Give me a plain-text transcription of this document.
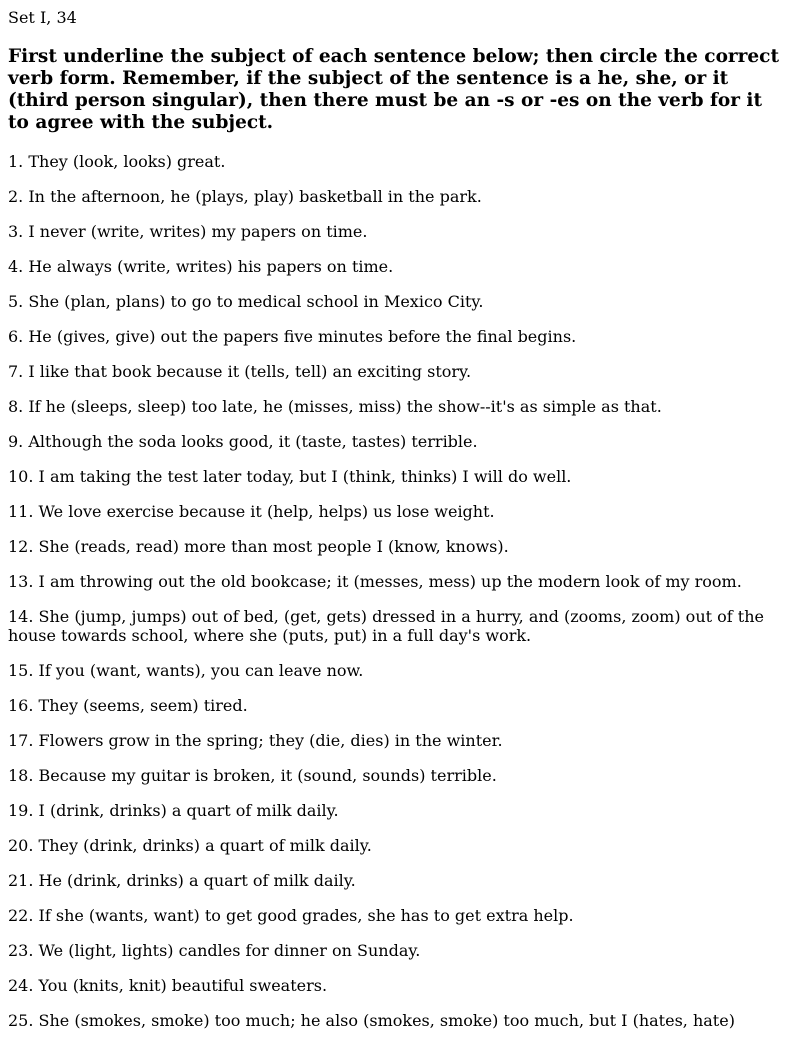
Set I, 34

First underline the subject of each sentence below; then circle the correct
verb form. Remember, if the subject of the sentence is a he, she, or it
(third person singular), then there must be an -s or -es on the verb for it
to agree with the subject.
1. They (look, looks) great.
2. In the afternoon, he (plays, play) basketball in the park.
3. I never (write, writes) my papers on time.
4. He always (write, writes) his papers on time.
5. She (plan, plans) to go to medical school in Mexico City.
6. He (gives, give) out the papers five minutes before the final begins.
7. I like that book because it (tells, tell) an exciting story.
8. If he (sleeps, sleep) too late, he (misses, miss) the show--it's as simple as that.
9. Although the soda looks good, it (taste, tastes) terrible.
10. I am taking the test later today, but I (think, thinks) I will do well.
11. We love exercise because it (help, helps) us lose weight.
12. She (reads, read) more than most people I (know, knows).
13. I am throwing out the old bookcase; it (messes, mess) up the modern look of my room.
14. She (jump, jumps) out of bed, (get, gets) dressed in a hurry, and (zooms, zoom) out of the house towards school, where she (puts, put) in a full day's work.
15. If you (want, wants), you can leave now.
16. They (seems, seem) tired.
17. Flowers grow in the spring; they (die, dies) in the winter.
18. Because my guitar is broken, it (sound, sounds) terrible.
19. I (drink, drinks) a quart of milk daily.
20. They (drink, drinks) a quart of milk daily.
21. He (drink, drinks) a quart of milk daily.
22. If she (wants, want) to get good grades, she has to get extra help.
23. We (light, lights) candles for dinner on Sunday.
24. You (knits, knit) beautiful sweaters.
25. She (smokes, smoke) too much; he also (smokes, smoke) too much, but I (hates, hate)
